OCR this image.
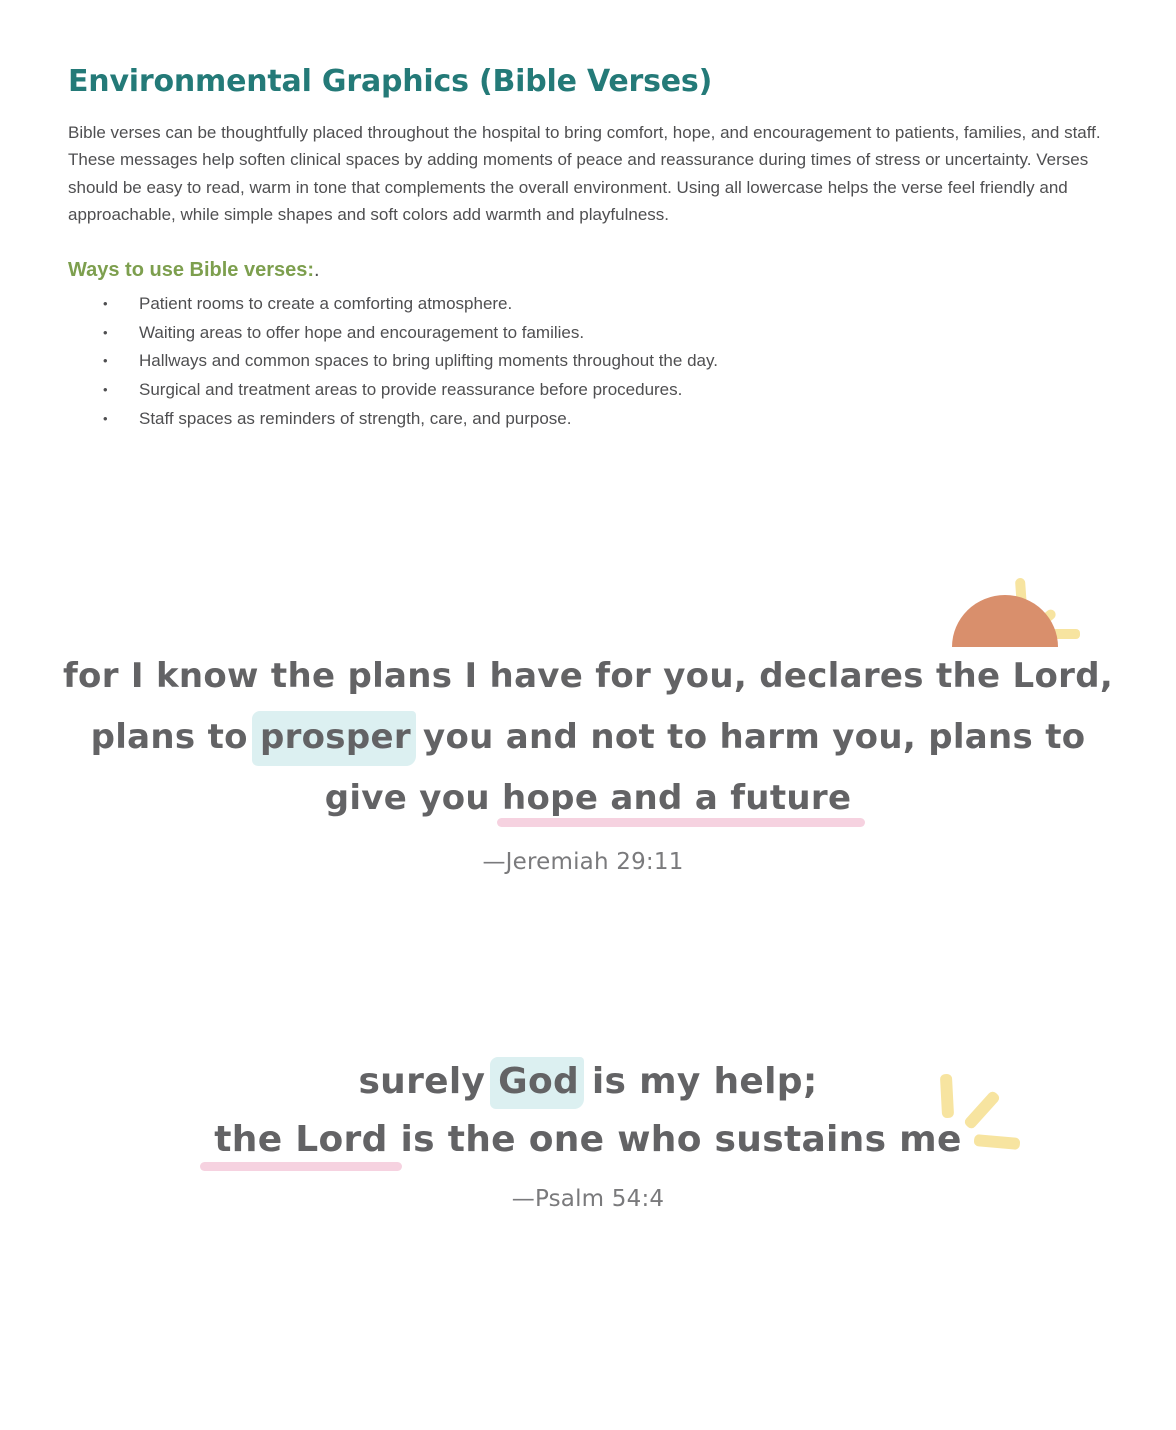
Environmental Graphics (Bible Verses)

Bible verses can be thoughtfully placed throughout the hospital to bring comfort, hope, and encouragement to patients, families, and staff. These messages help soften clinical spaces by adding moments of peace and reassurance during times of stress or uncertainty. Verses should be easy to read, warm in tone that complements the overall environment. Using all lowercase helps the verse feel friendly and approachable, while simple shapes and soft colors add warmth and playfulness.

Ways to use Bible verses:.
• Patient rooms to create a comforting atmosphere.
• Waiting areas to offer hope and encouragement to families.
• Hallways and common spaces to bring uplifting moments throughout the day.
• Surgical and treatment areas to provide reassurance before procedures.
• Staff spaces as reminders of strength, care, and purpose.

for I know the plans I have for you, declares the Lord,
plans to prosper you and not to harm you, plans to
give you hope and a future

—Jeremiah 29:11

surely God is my help;
the Lord is the one who sustains me

—Psalm 54:4
